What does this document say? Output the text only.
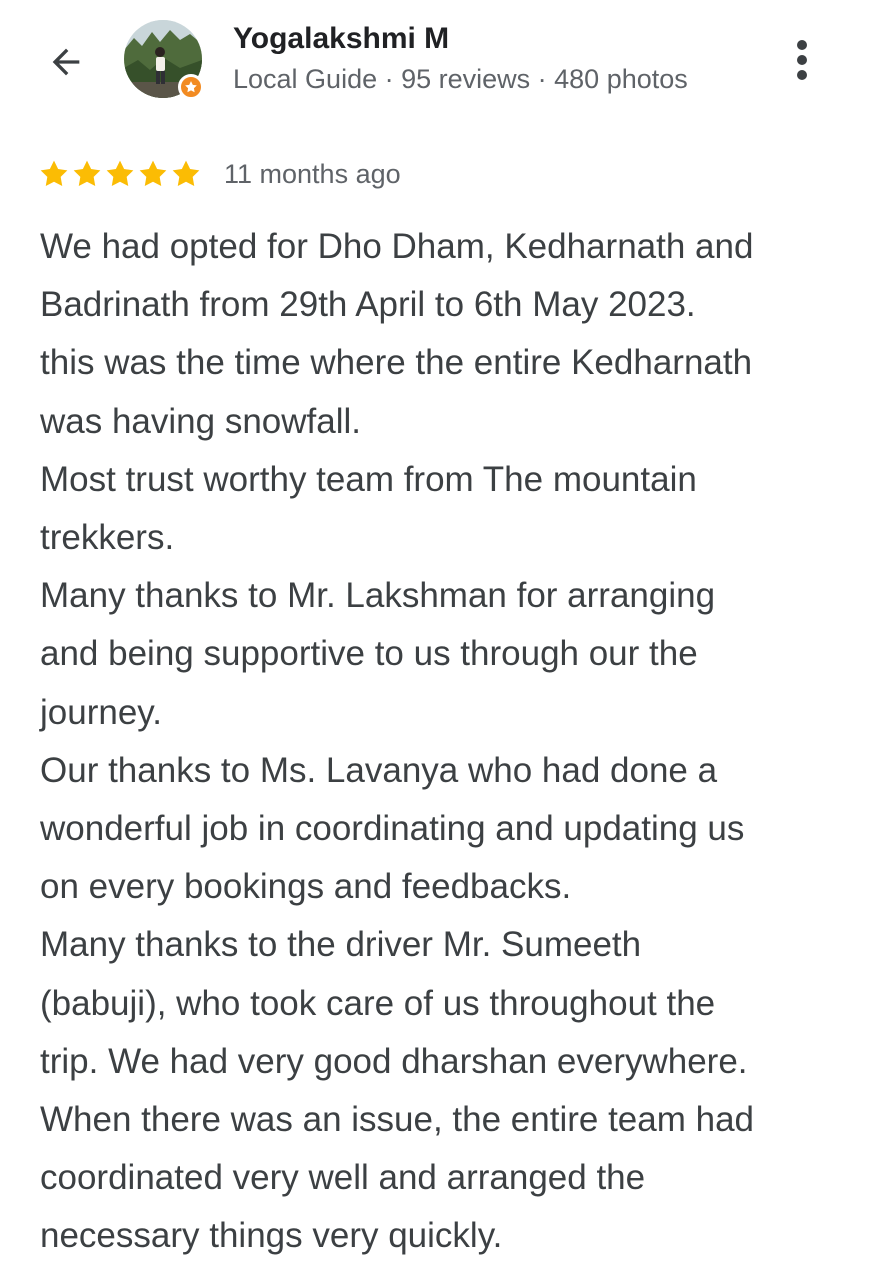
Yogalakshmi M
Local Guide · 95 reviews · 480 photos
11 months ago
We had opted for Dho Dham, Kedharnath and
Badrinath from 29th April to 6th May 2023.
this was the time where the entire Kedharnath
was having snowfall.
Most trust worthy team from The mountain
trekkers.
Many thanks to Mr. Lakshman for arranging
and being supportive to us through our the
journey.
Our thanks to Ms. Lavanya who had done a
wonderful job in coordinating and updating us
on every bookings and feedbacks.
Many thanks to the driver Mr. Sumeeth
(babuji), who took care of us throughout the
trip. We had very good dharshan everywhere.
When there was an issue, the entire team had
coordinated very well and arranged the
necessary things very quickly.
